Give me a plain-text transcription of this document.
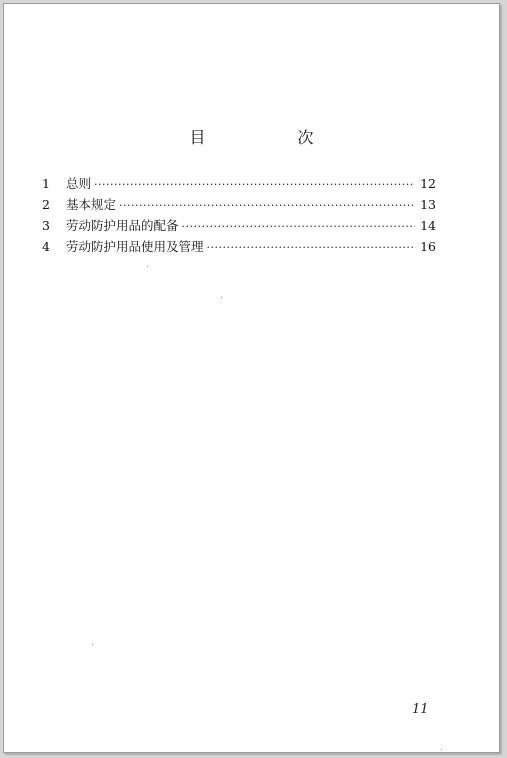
目　次
1	总则 ·····	12
2	基本规定 ·····	13
3	劳动防护用品的配备 ·····	14
4	劳动防护用品使用及管理 ·····	16
11
